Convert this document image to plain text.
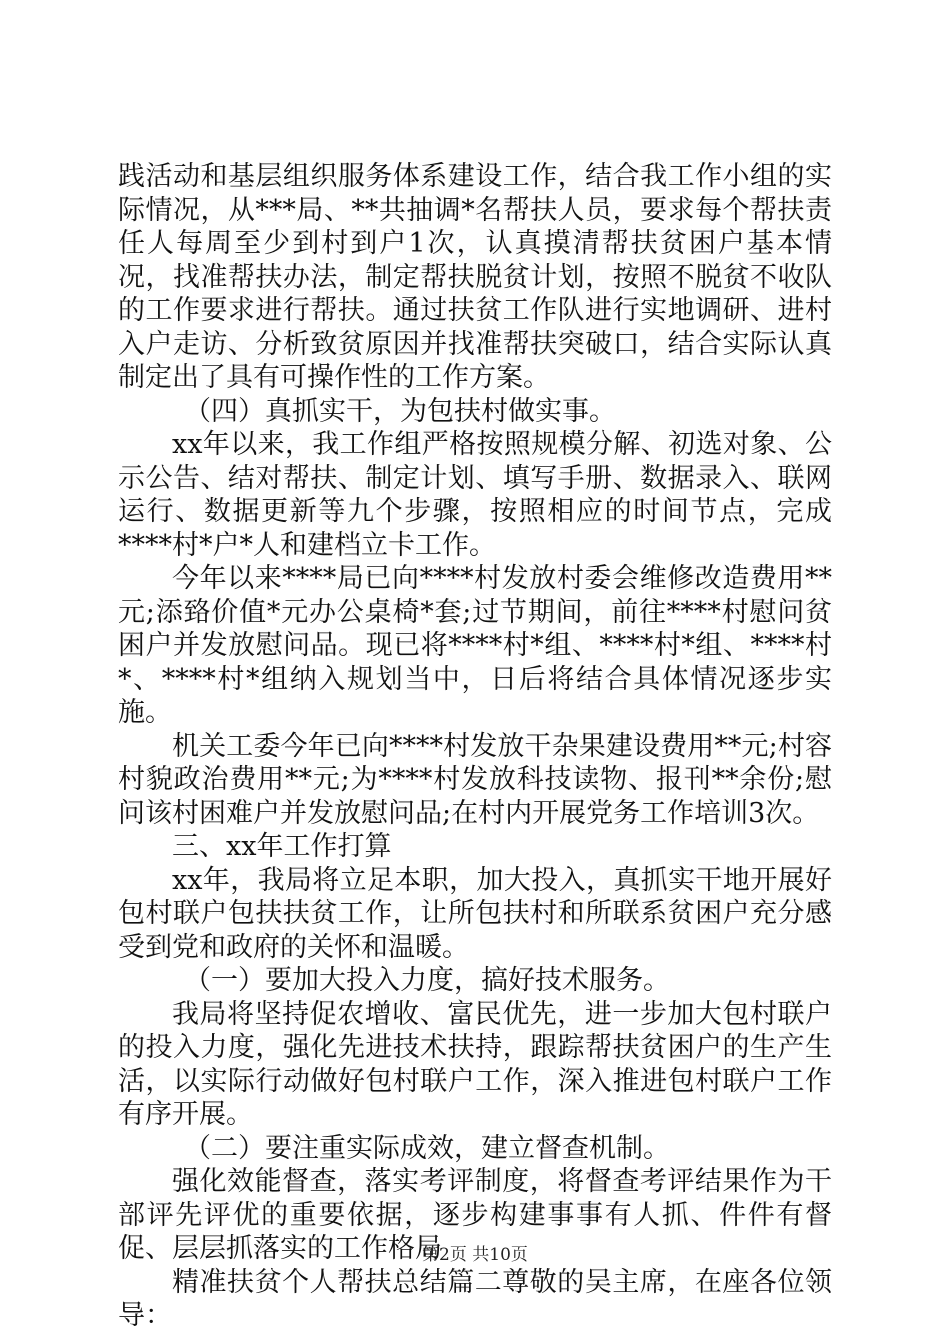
践活动和基层组织服务体系建设工作，结合我工作小组的实际情况，从***局、**共抽调*名帮扶人员，要求每个帮扶责任人每周至少到村到户1次，认真摸清帮扶贫困户基本情况，找准帮扶办法，制定帮扶脱贫计划，按照不脱贫不收队的工作要求进行帮扶。通过扶贫工作队进行实地调研、进村入户走访、分析致贫原因并找准帮扶突破口，结合实际认真制定出了具有可操作性的工作方案。

（四）真抓实干，为包扶村做实事。

xx年以来，我工作组严格按照规模分解、初选对象、公示公告、结对帮扶、制定计划、填写手册、数据录入、联网运行、数据更新等九个步骤，按照相应的时间节点，完成****村*户*人和建档立卡工作。

今年以来****局已向****村发放村委会维修改造费用**元;添臵价值*元办公桌椅*套;过节期间，前往****村慰问贫困户并发放慰问品。现已将****村*组、****村*组、****村*、****村*组纳入规划当中，日后将结合具体情况逐步实施。

机关工委今年已向****村发放干杂果建设费用**元;村容村貌政治费用**元;为****村发放科技读物、报刊**余份;慰问该村困难户并发放慰问品;在村内开展党务工作培训3次。

三、xx年工作打算

xx年，我局将立足本职，加大投入，真抓实干地开展好包村联户包扶扶贫工作，让所包扶村和所联系贫困户充分感受到党和政府的关怀和温暖。

（一）要加大投入力度，搞好技术服务。

我局将坚持促农增收、富民优先，进一步加大包村联户的投入力度，强化先进技术扶持，跟踪帮扶贫困户的生产生活，以实际行动做好包村联户工作，深入推进包村联户工作有序开展。

（二）要注重实际成效，建立督查机制。

强化效能督查，落实考评制度，将督查考评结果作为干部评先评优的重要依据，逐步构建事事有人抓、件件有督促、层层抓落实的工作格局

精准扶贫个人帮扶总结篇二尊敬的吴主席，在座各位领导：

第2页 共10页
